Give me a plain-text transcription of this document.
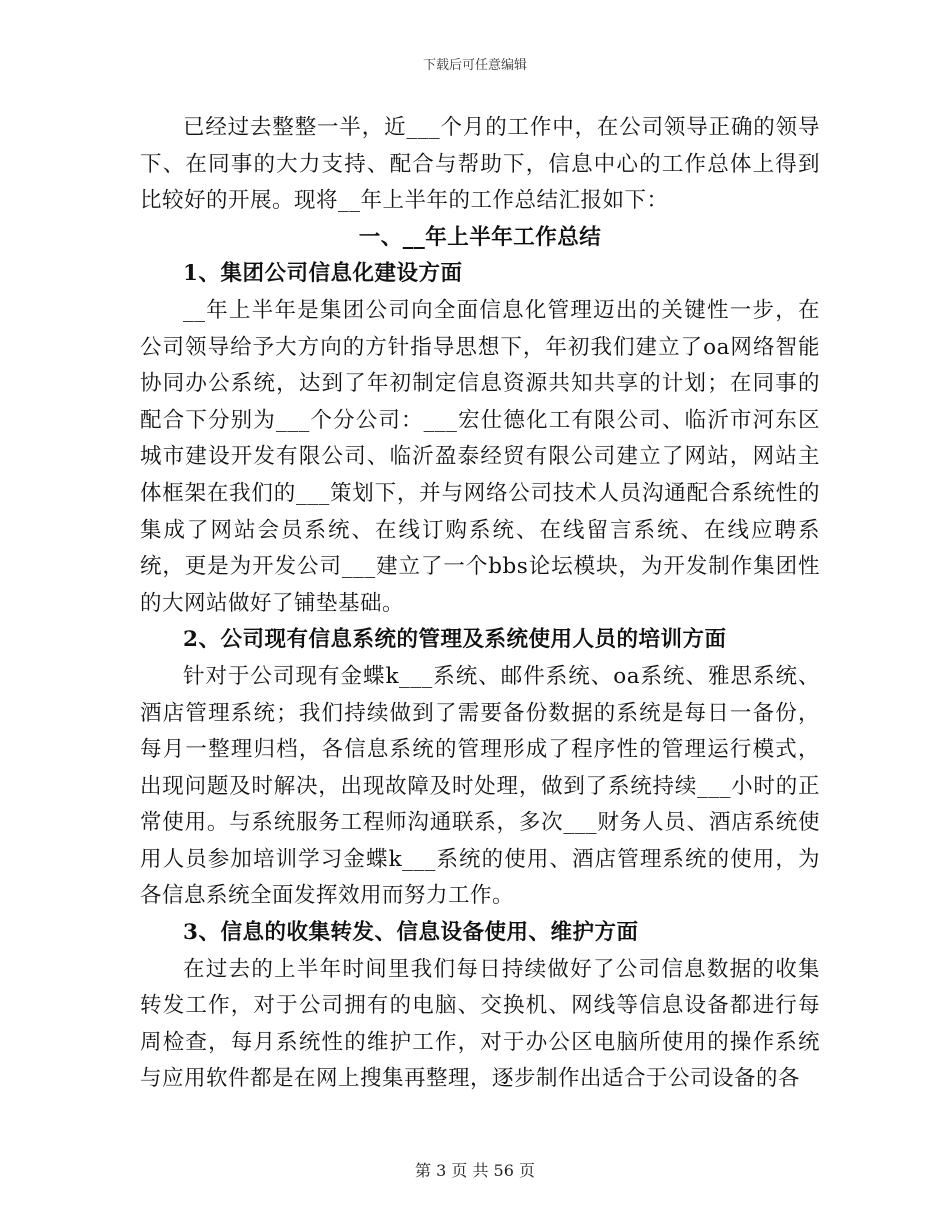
下载后可任意编辑

已经过去整整一半，近___个月的工作中，在公司领导正确的领导下、在同事的大力支持、配合与帮助下，信息中心的工作总体上得到比较好的开展。现将__年上半年的工作总结汇报如下：

一、__年上半年工作总结

1、集团公司信息化建设方面

__年上半年是集团公司向全面信息化管理迈出的关键性一步，在公司领导给予大方向的方针指导思想下，年初我们建立了oa网络智能协同办公系统，达到了年初制定信息资源共知共享的计划；在同事的配合下分别为___个分公司：___宏仕德化工有限公司、临沂市河东区城市建设开发有限公司、临沂盈泰经贸有限公司建立了网站，网站主体框架在我们的___策划下，并与网络公司技术人员沟通配合系统性的集成了网站会员系统、在线订购系统、在线留言系统、在线应聘系统，更是为开发公司___建立了一个bbs论坛模块，为开发制作集团性的大网站做好了铺垫基础。

2、公司现有信息系统的管理及系统使用人员的培训方面

针对于公司现有金蝶k___系统、邮件系统、oa系统、雅思系统、酒店管理系统；我们持续做到了需要备份数据的系统是每日一备份，每月一整理归档，各信息系统的管理形成了程序性的管理运行模式，出现问题及时解决，出现故障及时处理，做到了系统持续___小时的正常使用。与系统服务工程师沟通联系，多次___财务人员、酒店系统使用人员参加培训学习金蝶k___系统的使用、酒店管理系统的使用，为各信息系统全面发挥效用而努力工作。

3、信息的收集转发、信息设备使用、维护方面

在过去的上半年时间里我们每日持续做好了公司信息数据的收集转发工作，对于公司拥有的电脑、交换机、网线等信息设备都进行每周检查，每月系统性的维护工作，对于办公区电脑所使用的操作系统与应用软件都是在网上搜集再整理，逐步制作出适合于公司设备的各

第 3 页 共 56 页
